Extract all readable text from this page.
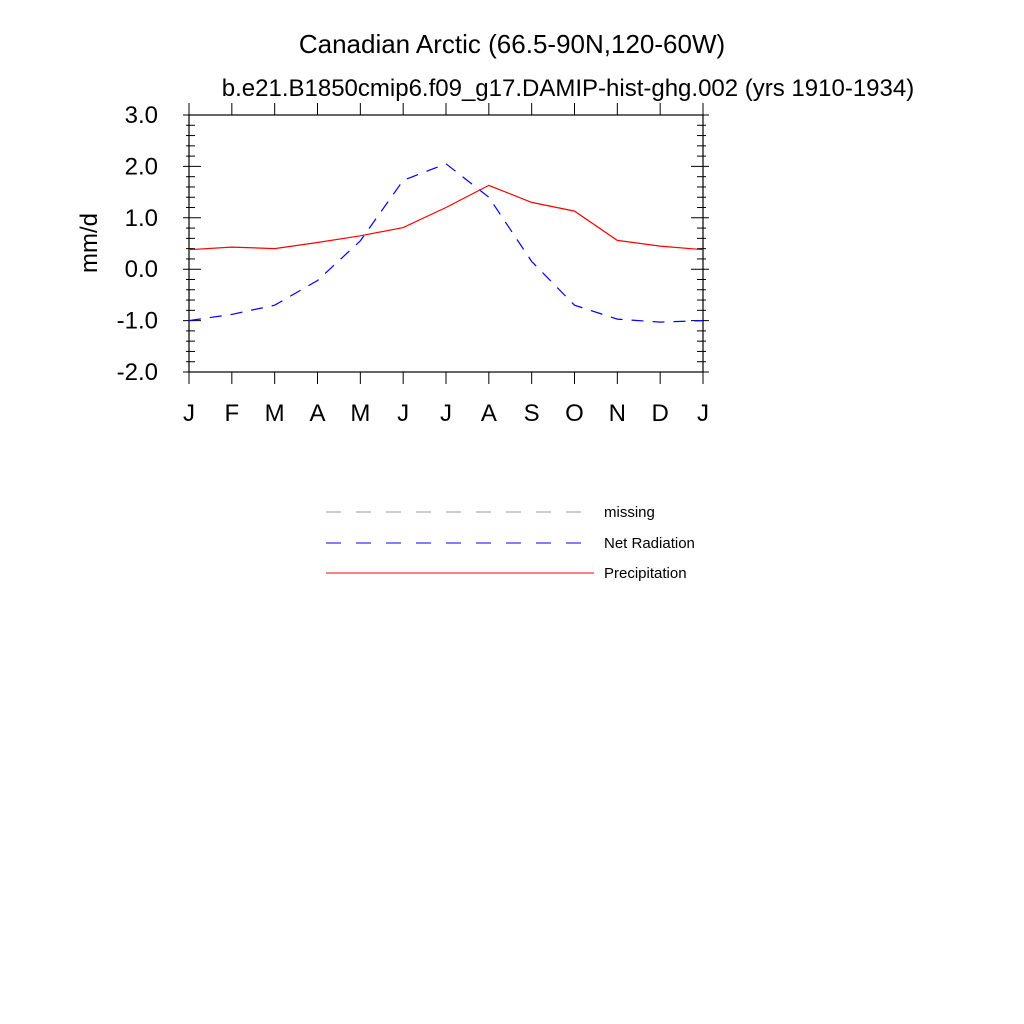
Canadian Arctic (66.5-90N,120-60W)
b.e21.B1850cmip6.f09_g17.DAMIP-hist-ghg.002 (yrs 1910-1934)
mm/d
-2.0
-1.0
0.0
1.0
2.0
3.0
J F M A M J J A S O N D J
missing
Net Radiation
Precipitation
